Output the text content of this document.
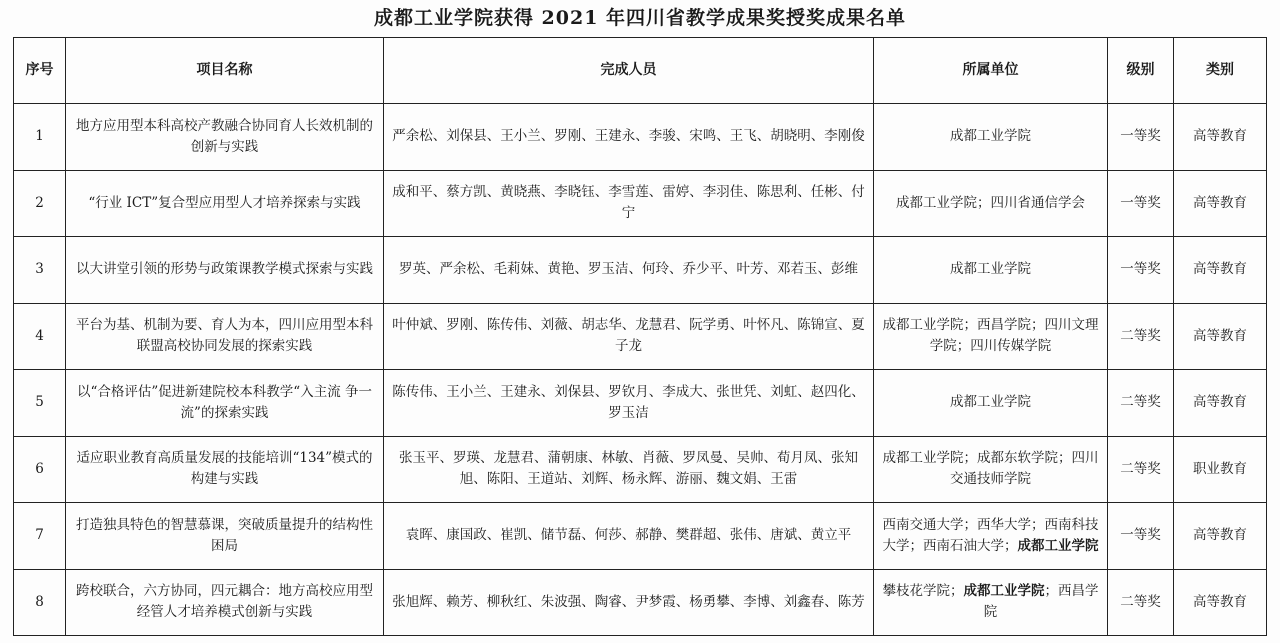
成都工业学院获得 2021 年四川省教学成果奖授奖成果名单
序号	项目名称	完成人员	所属单位	级别	类别
1	地方应用型本科高校产教融合协同育人长效机制的创新与实践	严余松、刘保县、王小兰、罗刚、王建永、李骏、宋鸣、王飞、胡晓明、李刚俊	成都工业学院	一等奖	高等教育
2	“行业 ICT”复合型应用型人才培养探索与实践	成和平、蔡方凯、黄晓燕、李晓钰、李雪莲、雷婷、李羽佳、陈思利、任彬、付宁	成都工业学院；四川省通信学会	一等奖	高等教育
3	以大讲堂引领的形势与政策课教学模式探索与实践	罗英、严余松、毛莉妹、黄艳、罗玉洁、何玲、乔少平、叶芳、邓若玉、彭维	成都工业学院	一等奖	高等教育
4	平台为基、机制为要、育人为本，四川应用型本科联盟高校协同发展的探索实践	叶仲斌、罗刚、陈传伟、刘薇、胡志华、龙慧君、阮学勇、叶怀凡、陈锦宣、夏子龙	成都工业学院；西昌学院；四川文理学院；四川传媒学院	二等奖	高等教育
5	以“合格评估”促进新建院校本科教学“入主流 争一流”的探索实践	陈传伟、王小兰、王建永、刘保县、罗钦月、李成大、张世凭、刘虹、赵四化、罗玉洁	成都工业学院	二等奖	高等教育
6	适应职业教育高质量发展的技能培训“134”模式的构建与实践	张玉平、罗瑛、龙慧君、蒲朝康、林敏、肖薇、罗凤曼、吴帅、荀月凤、张知旭、陈阳、王道站、刘辉、杨永辉、游丽、魏文娟、王雷	成都工业学院；成都东软学院；四川交通技师学院	二等奖	职业教育
7	打造独具特色的智慧慕课，突破质量提升的结构性困局	袁晖、康国政、崔凯、储节磊、何莎、郝静、樊群超、张伟、唐斌、黄立平	西南交通大学；西华大学；西南科技大学；西南石油大学；成都工业学院	一等奖	高等教育
8	跨校联合，六方协同，四元耦合：地方高校应用型经管人才培养模式创新与实践	张旭辉、赖芳、柳秋红、朱波强、陶睿、尹梦霞、杨勇攀、李博、刘鑫春、陈芳	攀枝花学院；成都工业学院；西昌学院	二等奖	高等教育
